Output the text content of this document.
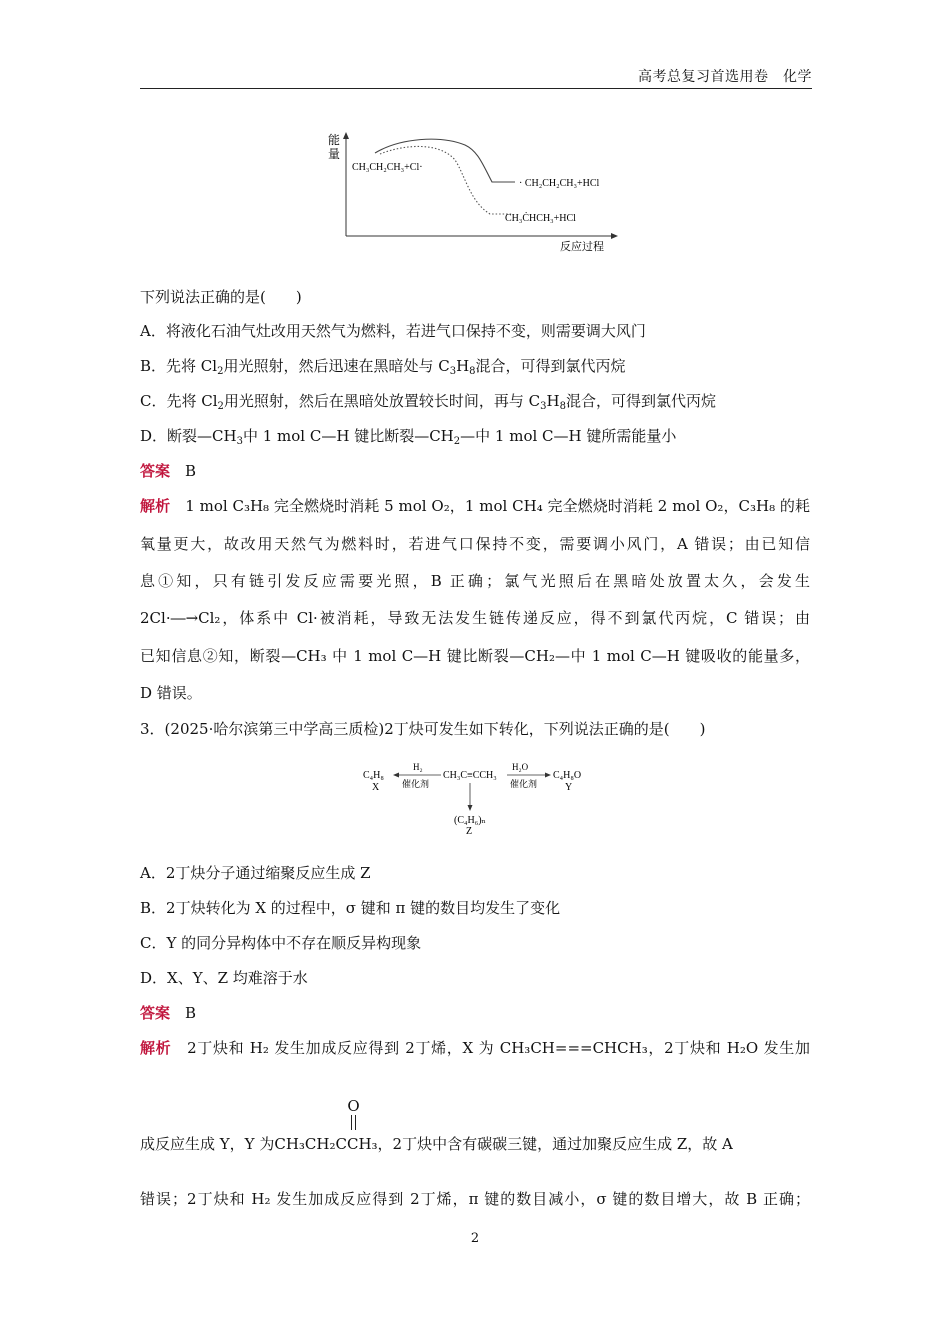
高考总复习首选用卷　化学
能
量
反应过程
CH₃CH₂CH₃+Cl·
· CH₂CH₂CH₃+HCl
CH₃ĊHCH₃+HCl
下列说法正确的是(　　)
A．将液化石油气灶改用天然气为燃料，若进气口保持不变，则需要调大风门
B．先将 $Cl_2$用光照射，然后迅速在黑暗处与 $C_3H_8$混合，可得到氯代丙烷
C．先将 $Cl_2$用光照射，然后在黑暗处放置较长时间，再与 $C_3H_8$混合，可得到氯代丙烷
D．断裂$—CH_3$中 1 mol C—H 键比断裂$—CH_2—$中 1 mol C—H 键所需能量小
答案　 B
解析　 1 mol C₃H₈ 完全燃烧时消耗 5 mol O₂，1 mol CH₄ 完全燃烧时消耗 2 mol O₂，C₃H₈ 的耗
氧量更大，故改用天然气为燃料时，若进气口保持不变，需要调小风门，A 错误；由已知信
息①知，只有链引发反应需要光照，B 正确；氯气光照后在黑暗处放置太久，会发生
2Cl·―→Cl₂，体系中 Cl·被消耗，导致无法发生链传递反应，得不到氯代丙烷，C 错误；由
已知信息②知，断裂—CH₃ 中 1 mol C—H 键比断裂—CH₂—中 1 mol C—H 键吸收的能量多，
D 错误。
3．(2025·哈尔滨第三中学高三质检)2丁炔可发生如下转化，下列说法正确的是(　　)
C₄H₈
X
H₂
催化剂
CH₃C≡CCH₃
H₂O
催化剂
C₄H₈O
Y
(C₄H₆)ₙ
Z
A．2丁炔分子通过缩聚反应生成 Z
B．2丁炔转化为 X 的过程中，σ 键和 π 键的数目均发生了变化
C．Y 的同分异构体中不存在顺反异构现象
D．X、Y、Z 均难溶于水
答案　 B
解析　 2丁炔和 H₂ 发生加成反应得到 2丁烯，X 为 CH₃CH===CHCH₃，2丁炔和 H₂O 发生加
成反应生成 Y，Y 为CH₃CH₂CCH₃
O
，2丁炔中含有碳碳三键，通过加聚反应生成 Z，故 A
错误；2丁炔和 H₂ 发生加成反应得到 2丁烯，π 键的数目减小，σ 键的数目增大，故 B 正确；
2
